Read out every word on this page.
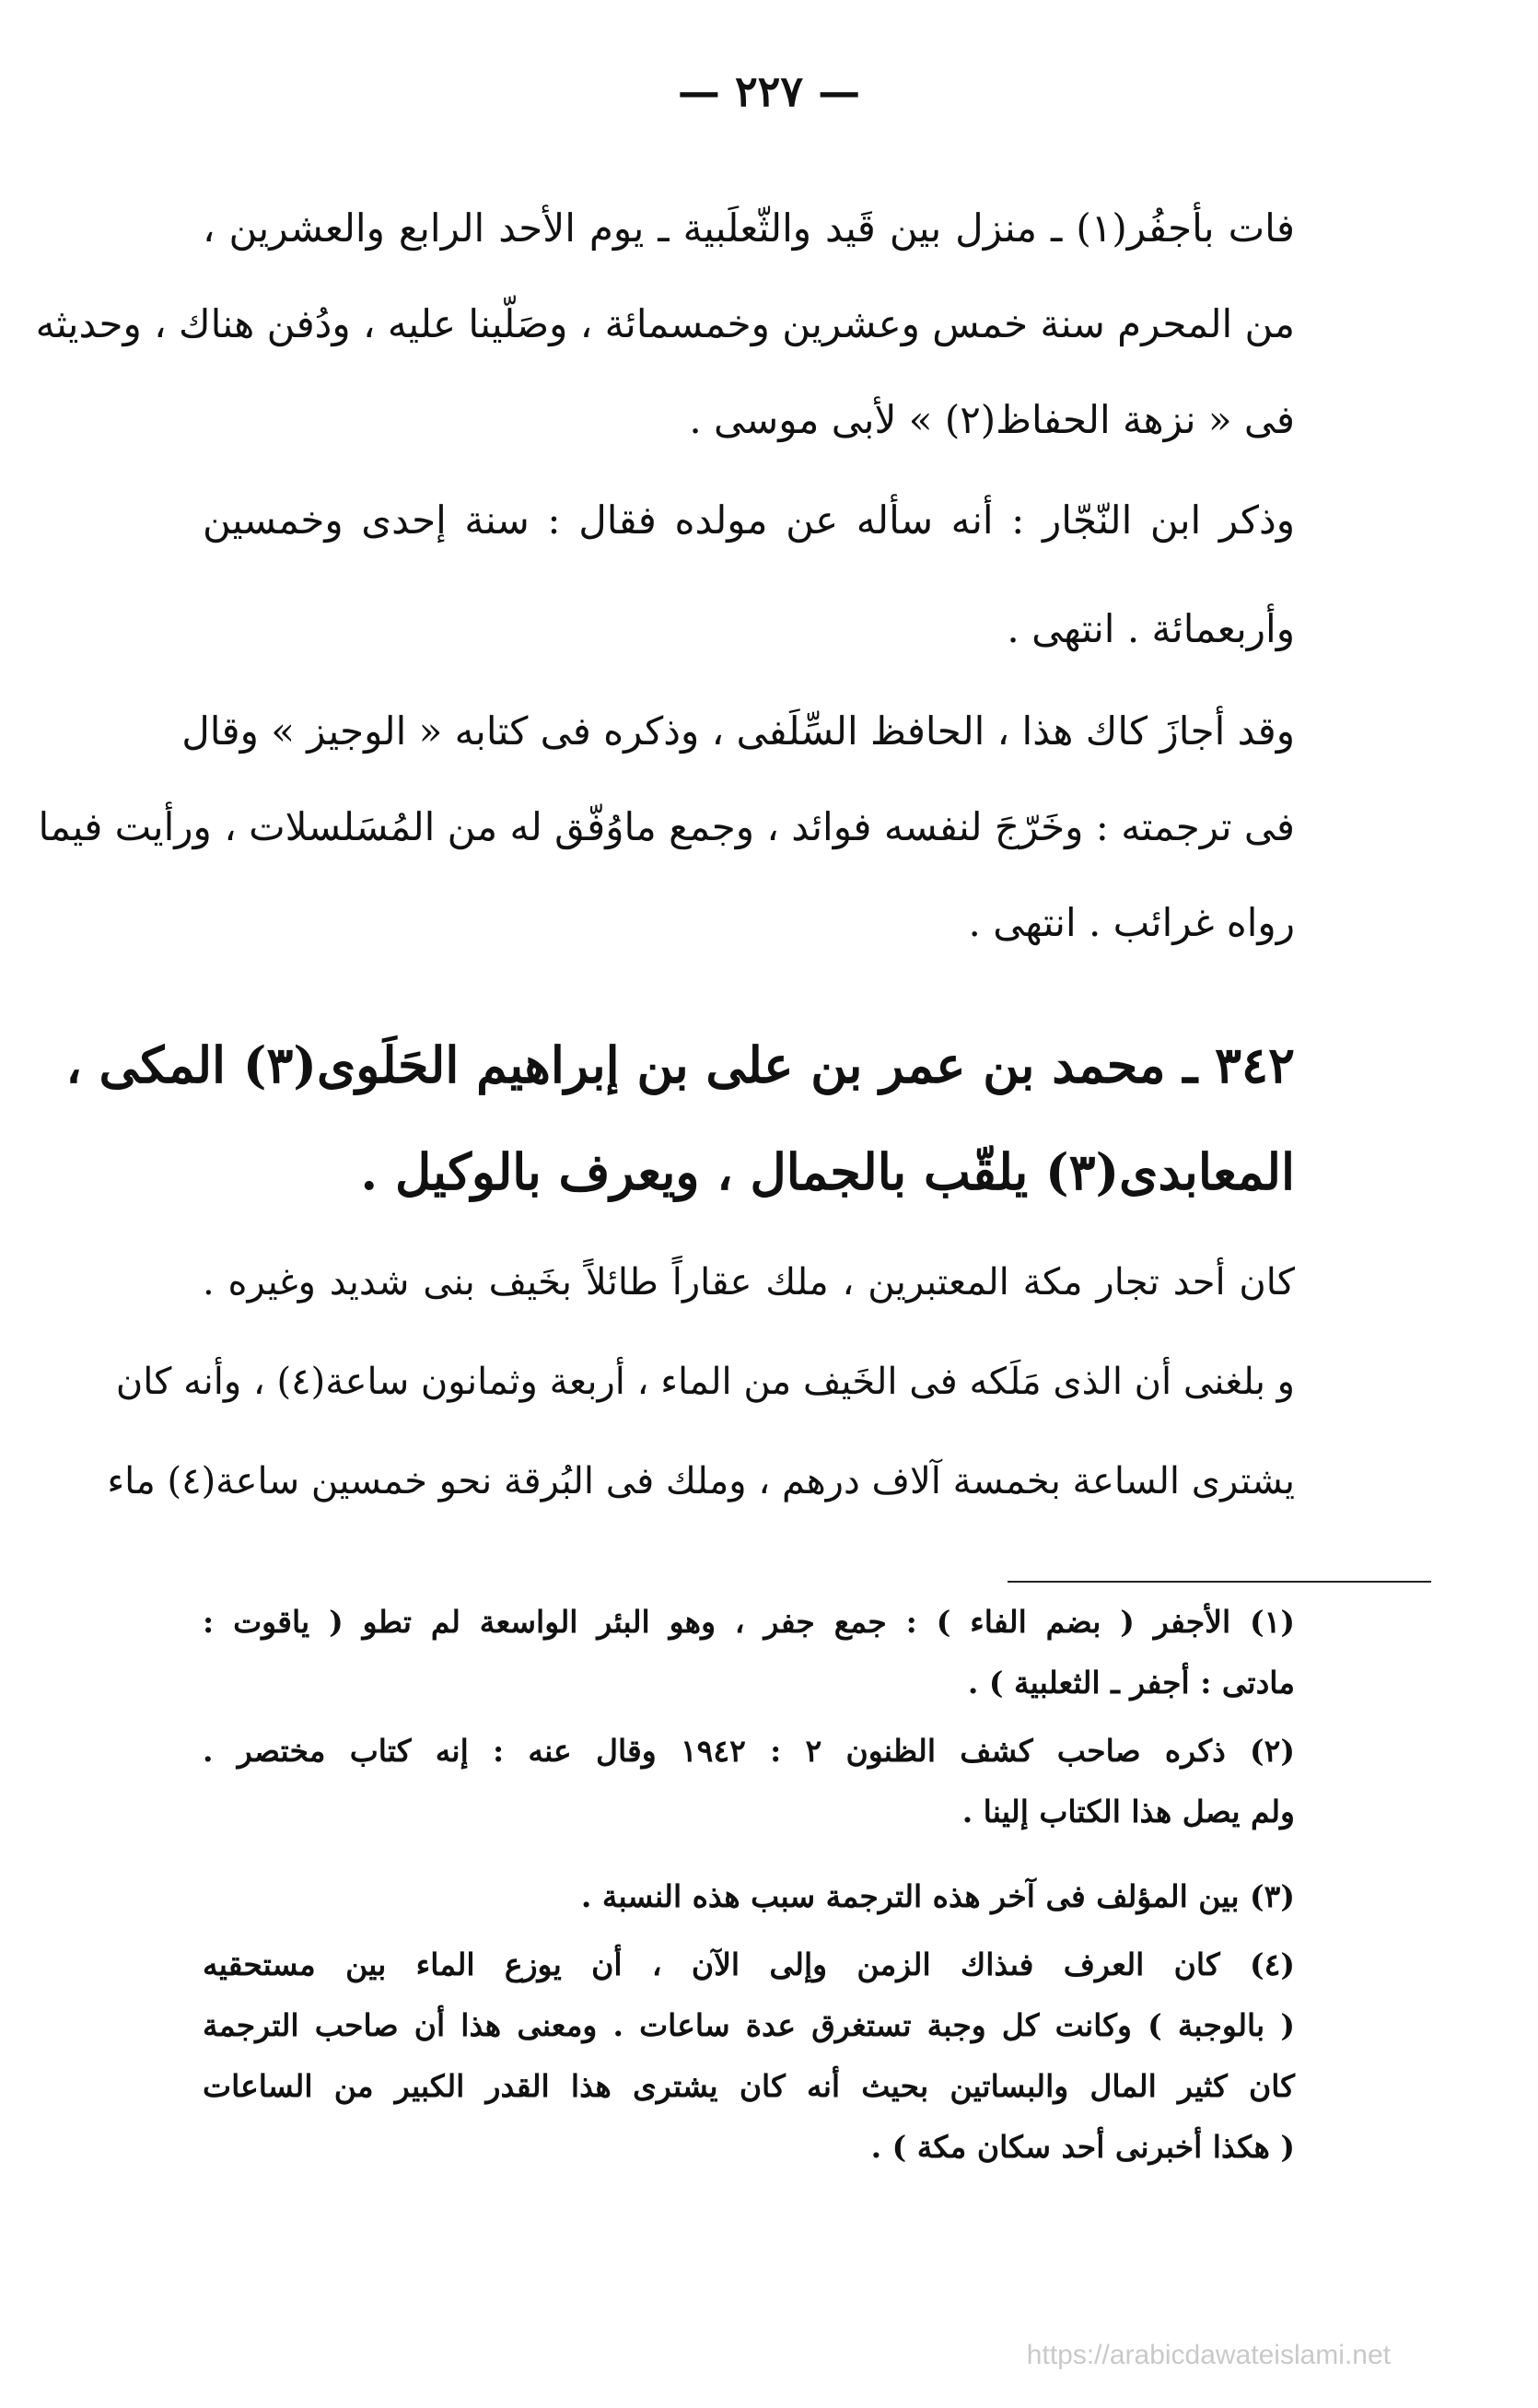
— ٢٢٧ —
فات بأجفُر(١) ـ منزل بين قَيد والثّعلَبية ـ يوم الأحد الرابع والعشرين ،
من المحرم سنة خمس وعشرين وخمسمائة ، وصَلّينا عليه ، ودُفن هناك ، وحديثه
فى « نزهة الحفاظ(٢) » لأبى موسى .
وذكر ابن النّجّار : أنه سأله عن مولده فقال : سنة إحدى وخمسين
وأربعمائة . انتهى .
وقد أجازَ كاك هذا ، الحافظ السِّلَفى ، وذكره فى كتابه « الوجيز » وقال
فى ترجمته : وخَرّجَ لنفسه فوائد ، وجمع ماوُفّق له من المُسَلسلات ، ورأيت فيما
رواه غرائب . انتهى .
٣٤٢ ـ محمد بن عمر بن على بن إبراهيم الحَلَوى(٣) المكى ،
المعابدى(٣) يلقّب بالجمال ، ويعرف بالوكيل .
كان أحد تجار مكة المعتبرين ، ملك عقاراً طائلاً بخَيف بنى شديد وغيره .
و بلغنى أن الذى مَلَكه فى الخَيف من الماء ، أربعة وثمانون ساعة(٤) ، وأنه كان
يشترى الساعة بخمسة آلاف درهم ، وملك فى البُرقة نحو خمسين ساعة(٤) ماء
(١) الأجفر ( بضم الفاء ) : جمع جفر ، وهو البئر الواسعة لم تطو ( ياقوت :
مادتى : أجفر ـ الثعلبية ) .
(٢) ذكره صاحب كشف الظنون ٢ : ١٩٤٢ وقال عنه : إنه كتاب مختصر .
ولم يصل هذا الكتاب إلينا .
(٣) بين المؤلف فى آخر هذه الترجمة سبب هذه النسبة .
(٤) كان العرف فىذاك الزمن وإلى الآن ، أن يوزع الماء بين مستحقيه
( بالوجبة ) وكانت كل وجبة تستغرق عدة ساعات . ومعنى هذا أن صاحب الترجمة
كان كثير المال والبساتين بحيث أنه كان يشترى هذا القدر الكبير من الساعات
( هكذا أخبرنى أحد سكان مكة ) .
https://arabicdawateislami.net
